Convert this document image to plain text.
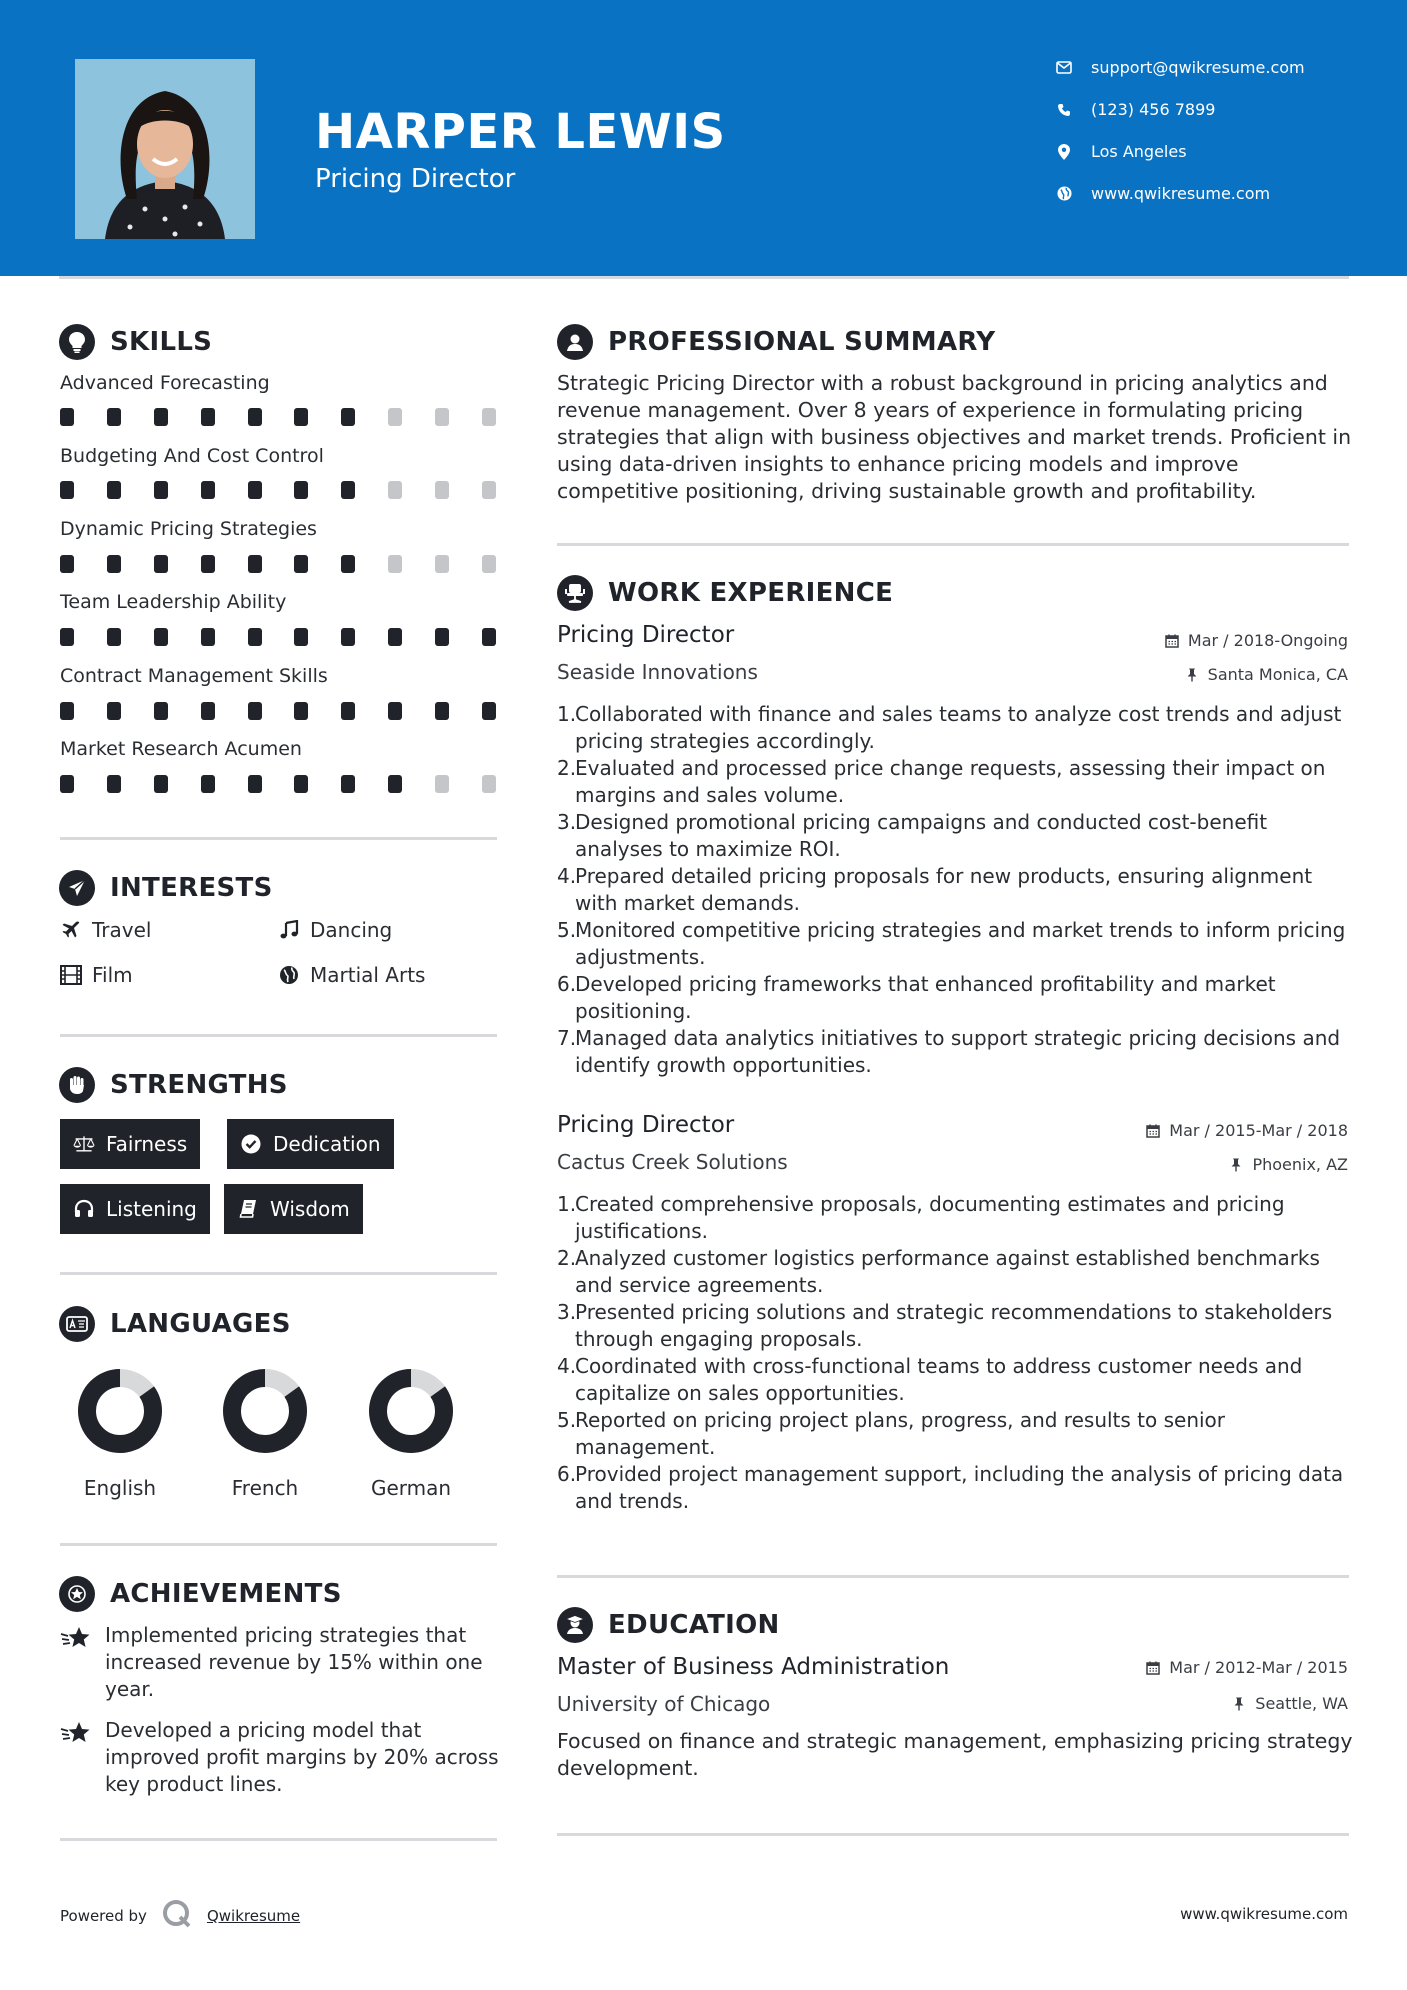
HARPER LEWIS
Pricing Director
support@qwikresume.com
(123) 456 7899
Los Angeles
www.qwikresume.com
SKILLS
Advanced Forecasting
Budgeting And Cost Control
Dynamic Pricing Strategies
Team Leadership Ability
Contract Management Skills
Market Research Acumen
INTERESTS
Travel	Dancing
Film	Martial Arts
STRENGTHS
Fairness	Dedication
Listening	Wisdom
LANGUAGES
English	French	German
ACHIEVEMENTS
Implemented pricing strategies that increased revenue by 15% within one year.
Developed a pricing model that improved profit margins by 20% across key product lines.
PROFESSIONAL SUMMARY
Strategic Pricing Director with a robust background in pricing analytics and revenue management. Over 8 years of experience in formulating pricing strategies that align with business objectives and market trends. Proficient in using data-driven insights to enhance pricing models and improve competitive positioning, driving sustainable growth and profitability.
WORK EXPERIENCE
Pricing Director	Mar / 2018-Ongoing
Seaside Innovations	Santa Monica, CA
1.
Collaborated with finance and sales teams to analyze cost trends and adjust pricing strategies accordingly.
2.
Evaluated and processed price change requests, assessing their impact on margins and sales volume.
3.
Designed promotional pricing campaigns and conducted cost-benefit analyses to maximize ROI.
4.
Prepared detailed pricing proposals for new products, ensuring alignment with market demands.
5.
Monitored competitive pricing strategies and market trends to inform pricing adjustments.
6.
Developed pricing frameworks that enhanced profitability and market positioning.
7.
Managed data analytics initiatives to support strategic pricing decisions and identify growth opportunities.
Pricing Director	Mar / 2015-Mar / 2018
Cactus Creek Solutions	Phoenix, AZ
1.
Created comprehensive proposals, documenting estimates and pricing justifications.
2.
Analyzed customer logistics performance against established benchmarks and service agreements.
3.
Presented pricing solutions and strategic recommendations to stakeholders through engaging proposals.
4.
Coordinated with cross-functional teams to address customer needs and capitalize on sales opportunities.
5.
Reported on pricing project plans, progress, and results to senior management.
6.
Provided project management support, including the analysis of pricing data and trends.
EDUCATION
Master of Business Administration	Mar / 2012-Mar / 2015
University of Chicago	Seattle, WA
Focused on finance and strategic management, emphasizing pricing strategy development.
Powered by	Qwikresume	www.qwikresume.com
